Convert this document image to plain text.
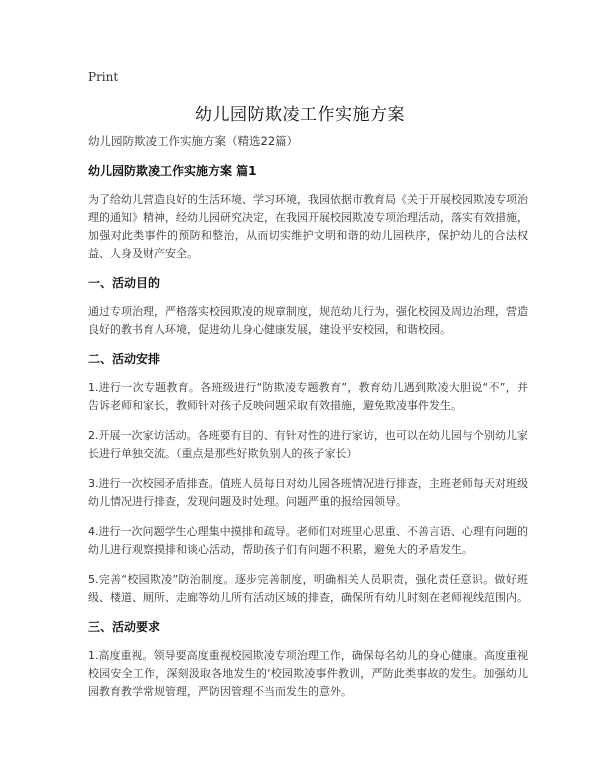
Print
幼儿园防欺凌工作实施方案

幼儿园防欺凌工作实施方案（精选22篇）

幼儿园防欺凌工作实施方案 篇1

为了给幼儿营造良好的生活环境、学习环境，我园依据市教育局《关于开展校园欺凌专项治理的通知》精神，经幼儿园研究决定，在我园开展校园欺凌专项治理活动，落实有效措施，加强对此类事件的预防和整治，从而切实维护文明和谐的幼儿园秩序，保护幼儿的合法权益、人身及财产安全。

一、活动目的

通过专项治理，严格落实校园欺凌的规章制度，规范幼儿行为，强化校园及周边治理，营造良好的教书育人环境，促进幼儿身心健康发展，建设平安校园，和谐校园。

二、活动安排

1.进行一次专题教育。各班级进行“防欺凌专题教育”，教育幼儿遇到欺凌大胆说“不”，并告诉老师和家长，教师针对孩子反映问题采取有效措施，避免欺凌事件发生。

2.开展一次家访活动。各班要有目的、有针对性的进行家访，也可以在幼儿园与个别幼儿家长进行单独交流。（重点是那些好欺负别人的孩子家长）

3.进行一次校园矛盾排查。值班人员每日对幼儿园各班情况进行排查，主班老师每天对班级幼儿情况进行排查，发现问题及时处理。问题严重的报给园领导。

4.进行一次问题学生心理集中摸排和疏导。老师们对班里心思重、不善言语、心理有问题的幼儿进行观察摸排和谈心活动，帮助孩子们有问题不积累，避免大的矛盾发生。

5.完善“校园欺凌”防治制度。逐步完善制度，明确相关人员职责，强化责任意识。做好班级、楼道、厕所、走廊等幼儿所有活动区域的排查，确保所有幼儿时刻在老师视线范围内。

三、活动要求

1.高度重视。领导要高度重视校园欺凌专项治理工作，确保每名幼儿的身心健康。高度重视校园安全工作，深刻汲取各地发生的‘校园欺凌事件教训，严防此类事故的发生。加强幼儿园教育教学常规管理，严防因管理不当而发生的意外。
